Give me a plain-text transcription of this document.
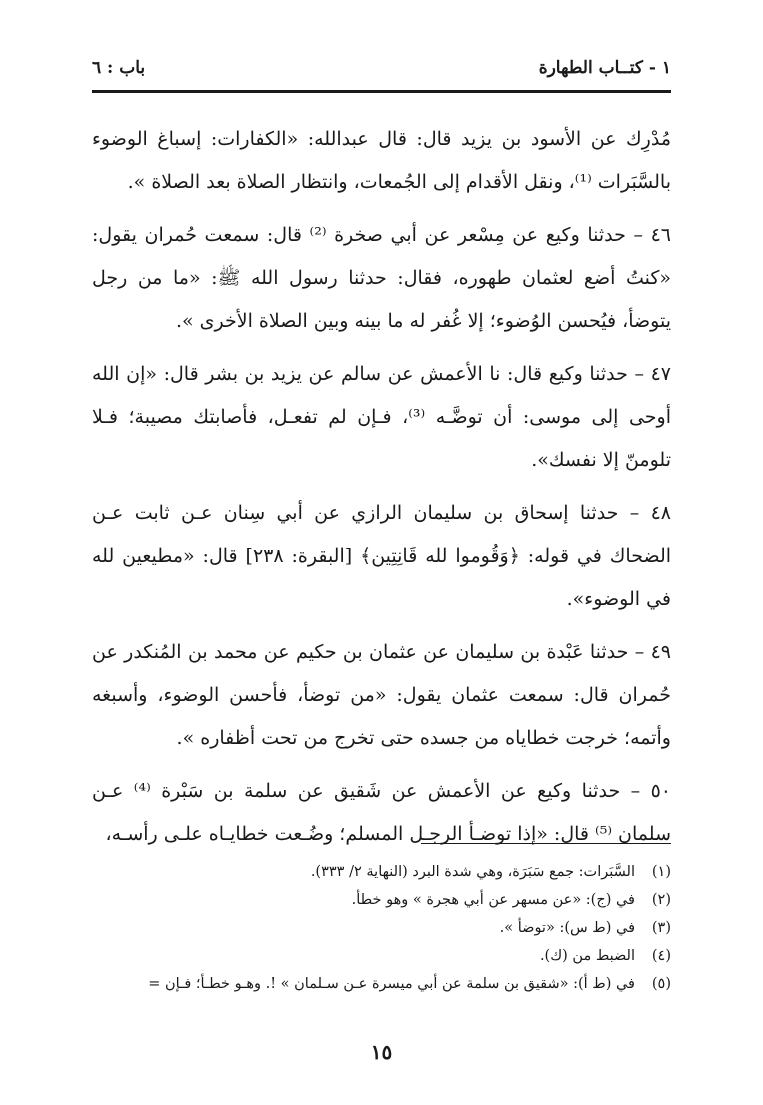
١ - كتــاب الطهارة
باب : ٦

مُدْرِك عن الأسود بن يزيد قال: قال عبدالله: «الكفارات: إسباغ الوضوء بالسَّبَرات ⁽¹⁾، ونقل الأقدام إلى الجُمعات، وانتظار الصلاة بعد الصلاة ».

٤٦ – حدثنا وكيع عن مِسْعر عن أبي صخرة ⁽²⁾ قال: سمعت حُمران يقول: «كنتُ أضع لعثمان طهوره، فقال: حدثنا رسول الله ﷺ: «ما من رجل يتوضأ، فيُحسن الوُضوء؛ إلا غُفر له ما بينه وبين الصلاة الأخرى ».

٤٧ – حدثنا وكيع قال: نا الأعمش عن سالم عن يزيد بن بشر قال: «إن الله أوحى إلى موسى: أن توضَّـه ⁽³⁾، فـإن لم تفعـل، فأصابتك مصيبة؛ فـلا تلومنّ إلا نفسك».

٤٨ – حدثنا إسحاق بن سليمان الرازي عن أبي سِنان عـن ثابت عـن الضحاك في قوله: ﴿وَقُوموا لله قَانِتِين﴾ [البقرة: ٢٣٨] قال: «مطيعين لله في الوضوء».

٤٩ – حدثنا عَبْدة بن سليمان عن عثمان بن حكيم عن محمد بن المُنكدر عن حُمران قال: سمعت عثمان يقول: «من توضأ، فأحسن الوضوء، وأسبغه وأتمه؛ خرجت خطاياه من جسده حتى تخرج من تحت أظفاره ».

٥٠ – حدثنا وكيع عن الأعمش عن شَقيق عن سلمة بن سَبْرة ⁽⁴⁾ عـن سلمان ⁽⁵⁾ قال: «إذا توضـأ الرجـل المسلم؛ وضُـعت خطايـاه علـى رأسـه،

(١)السَّبَرات: جمع سَبَرَة، وهي شدة البرد (النهاية ٢/ ٣٣٣).
(٢)في (ج): «عن مسهر عن أبي هجرة » وهو خطأ.
(٣)في (ط س): «توضأ ».
(٤)الضبط من (ك).
(٥)في (ط أ): «شقيق بن سلمة عن أبي ميسرة عـن سـلمان » !. وهـو خطـأ؛ فـإن =
١٥
